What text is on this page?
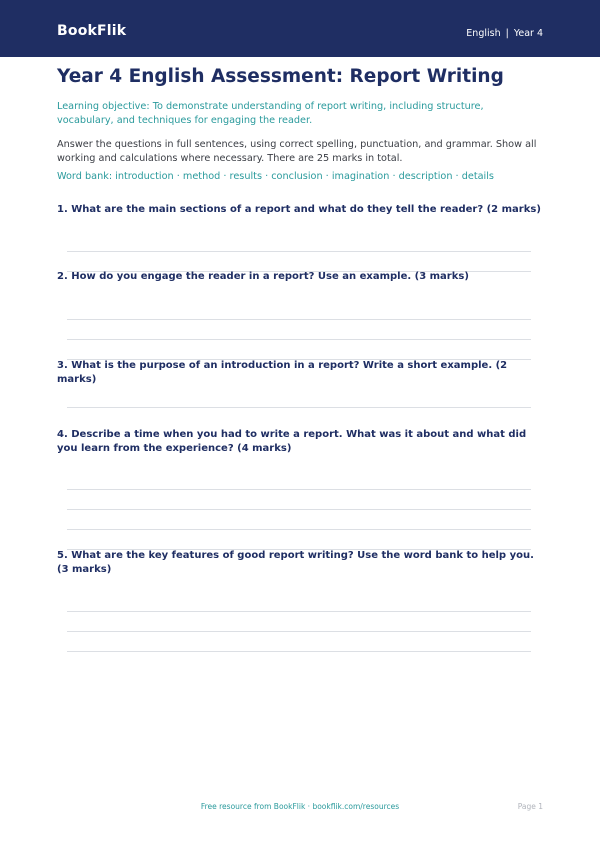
BookFlik	English | Year 4
Year 4 English Assessment: Report Writing
Learning objective: To demonstrate understanding of report writing, including structure, vocabulary, and techniques for engaging the reader.
Answer the questions in full sentences, using correct spelling, punctuation, and grammar. Show all working and calculations where necessary. There are 25 marks in total.
Word bank: introduction · method · results · conclusion · imagination · description · details
1. What are the main sections of a report and what do they tell the reader? (2 marks)
2. How do you engage the reader in a report? Use an example. (3 marks)
3. What is the purpose of an introduction in a report? Write a short example. (2 marks)
4. Describe a time when you had to write a report. What was it about and what did you learn from the experience? (4 marks)
5. What are the key features of good report writing? Use the word bank to help you. (3 marks)
Free resource from BookFlik · bookflik.com/resources	Page 1
